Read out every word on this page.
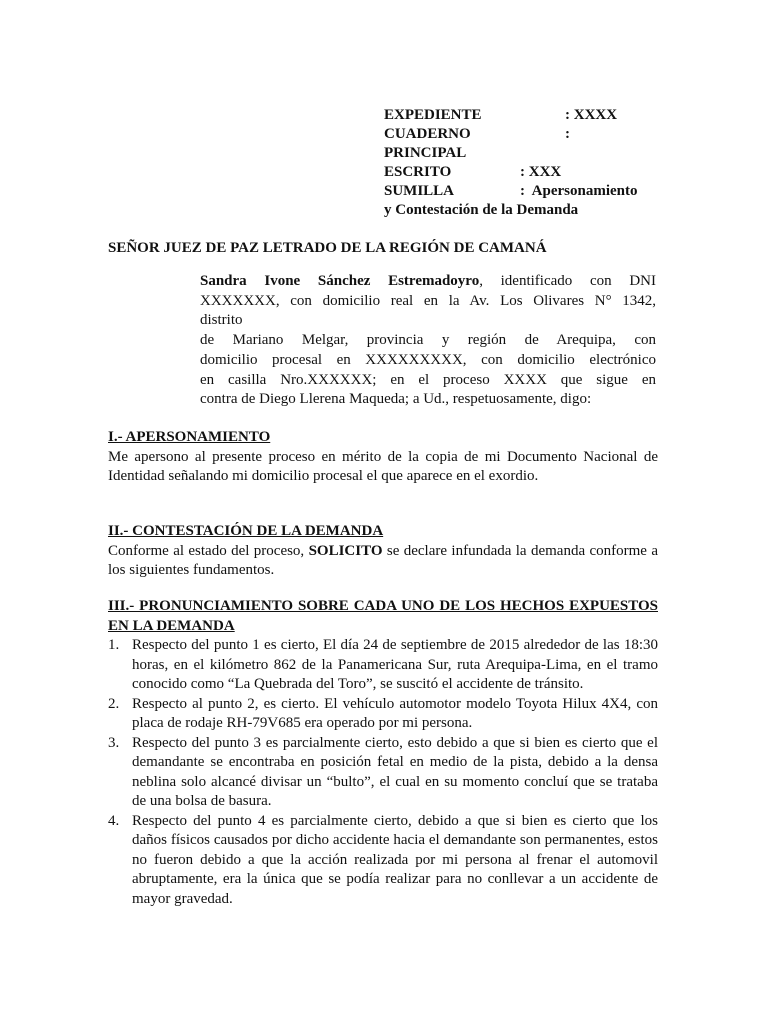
EXPEDIENTE	: XXXX
CUADERNO	:
PRINCIPAL
ESCRITO	: XXX
SUMILLA	:  Apersonamiento
y Contestación de la Demanda
SEÑOR JUEZ DE PAZ LETRADO DE LA REGIÓN DE CAMANÁ
Sandra Ivone Sánchez Estremadoyro, identificado con DNI
XXXXXXX, con domicilio real en la Av. Los Olivares N° 1342,
distrito
de Mariano Melgar, provincia y región de Arequipa, con
domicilio procesal en XXXXXXXXX, con domicilio electrónico
en casilla Nro.XXXXXX; en el proceso XXXX que sigue en
contra de Diego Llerena Maqueda; a Ud., respetuosamente, digo:
I.- APERSONAMIENTO

Me apersono al presente proceso en mérito de la copia de mi Documento Nacional de Identidad señalando mi domicilio procesal el que aparece en el exordio.

II.- CONTESTACIÓN DE LA DEMANDA

Conforme al estado del proceso, SOLICITO se declare infundada la demanda conforme a los siguientes fundamentos.

III.- PRONUNCIAMIENTO SOBRE CADA UNO DE LOS HECHOS EXPUESTOS EN LA DEMANDA
1. Respecto del punto 1 es cierto, El día 24 de septiembre de 2015 alrededor de las 18:30 horas, en el kilómetro 862 de la Panamericana Sur, ruta Arequipa-Lima, en el tramo conocido como “La Quebrada del Toro”, se suscitó el accidente de tránsito.
2. Respecto al punto 2, es cierto. El vehículo automotor modelo Toyota Hilux 4X4, con placa de rodaje RH-79V685 era operado por mi persona.
3. Respecto del punto 3 es parcialmente cierto, esto debido a que si bien es cierto que el demandante se encontraba en posición fetal en medio de la pista, debido a la densa neblina solo alcancé divisar un “bulto”, el cual en su momento concluí que se trataba de una bolsa de basura.
4. Respecto del punto 4 es parcialmente cierto, debido a que si bien es cierto que los daños físicos causados por dicho accidente hacia el demandante son permanentes, estos no fueron debido a que la acción realizada por mi persona al frenar el automovil abruptamente, era la única que se podía realizar para no conllevar a un accidente de mayor gravedad.
